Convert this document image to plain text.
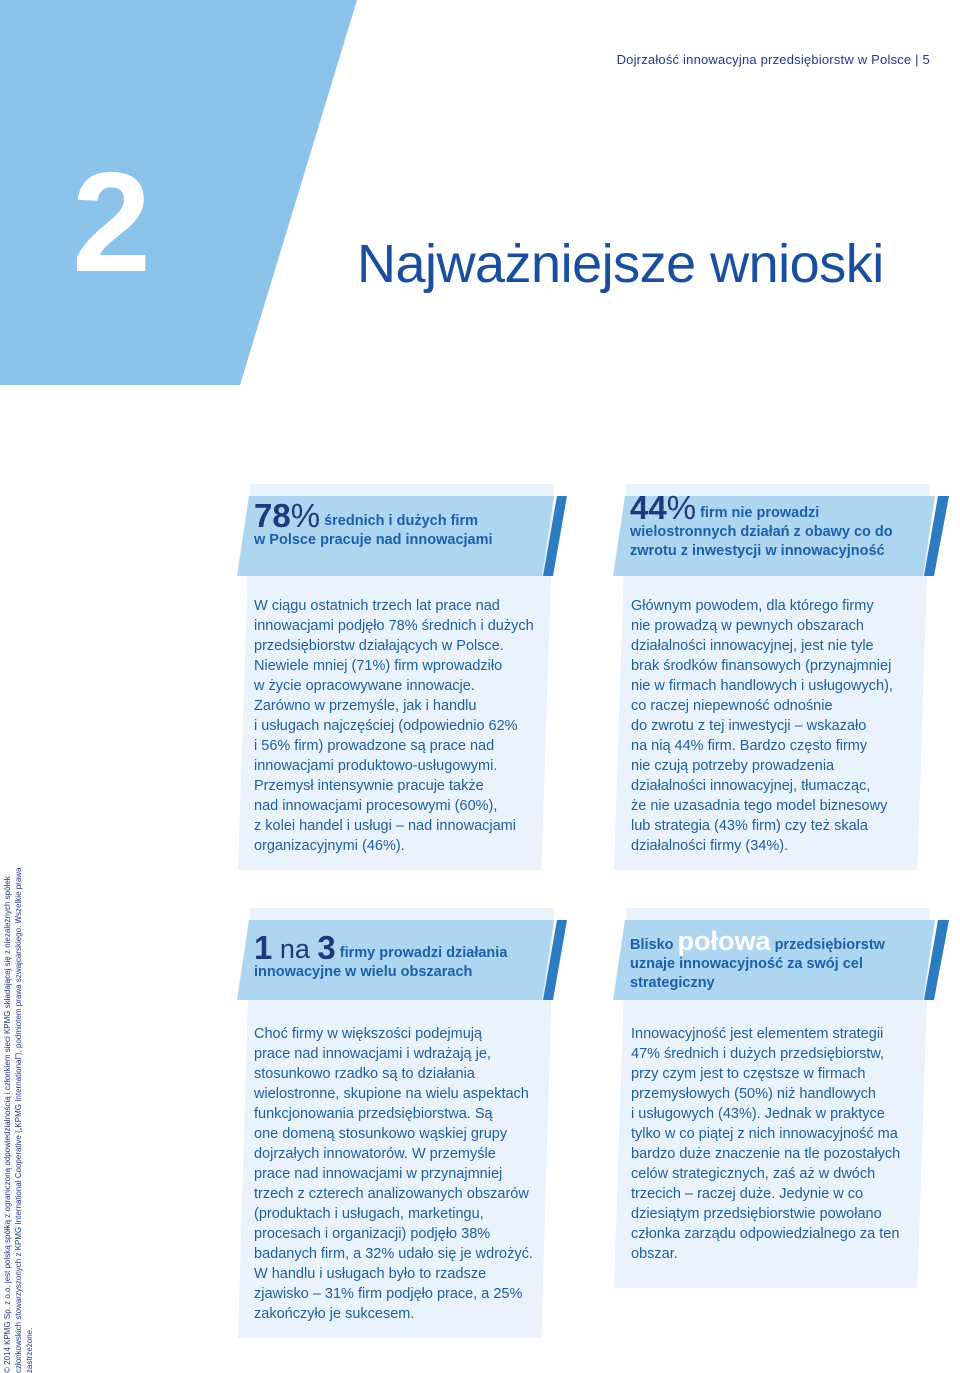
Dojrzałość innowacyjna przedsiębiorstw w Polsce | 5
2	Najważniejsze wnioski
© 2014 KPMG Sp. z o.o. jest polską spółką z ograniczoną odpowiedzialnością i członkiem sieci KPMG składającej się z niezależnych spółek członkowskich stowarzyszonych z KPMG International Cooperative („KPMG International”), podmiotem prawa szwajcarskiego. Wszelkie prawa zastrzeżone.
78% średnich i dużych firm
w Polsce pracuje nad innowacjami
W ciągu ostatnich trzech lat prace nad
innowacjami podjęło 78% średnich i dużych
przedsiębiorstw działających w Polsce.
Niewiele mniej (71%) firm wprowadziło
w życie opracowywane innowacje.
Zarówno w przemyśle, jak i handlu
i usługach najczęściej (odpowiednio 62%
i 56% firm) prowadzone są prace nad
innowacjami produktowo-usługowymi.
Przemysł intensywnie pracuje także
nad innowacjami procesowymi (60%),
z kolei handel i usługi – nad innowacjami
organizacyjnymi (46%).
44% firm nie prowadzi
wielostronnych działań z obawy co do
zwrotu z inwestycji w innowacyjność
Głównym powodem, dla którego firmy
nie prowadzą w pewnych obszarach
działalności innowacyjnej, jest nie tyle
brak środków finansowych (przynajmniej
nie w firmach handlowych i usługowych),
co raczej niepewność odnośnie
do zwrotu z tej inwestycji – wskazało
na nią 44% firm. Bardzo często firmy
nie czują potrzeby prowadzenia
działalności innowacyjnej, tłumacząc,
że nie uzasadnia tego model biznesowy
lub strategia (43% firm) czy też skala
działalności firmy (34%).
1 na 3 firmy prowadzi działania
innowacyjne w wielu obszarach
Choć firmy w większości podejmują
prace nad innowacjami i wdrażają je,
stosunkowo rzadko są to działania
wielostronne, skupione na wielu aspektach
funkcjonowania przedsiębiorstwa. Są
one domeną stosunkowo wąskiej grupy
dojrzałych innowatorów. W przemyśle
prace nad innowacjami w przynajmniej
trzech z czterech analizowanych obszarów
(produktach i usługach, marketingu,
procesach i organizacji) podjęło 38%
badanych firm, a 32% udało się je wdrożyć.
W handlu i usługach było to rzadsze
zjawisko – 31% firm podjęło prace, a 25%
zakończyło je sukcesem.
Blisko połowa przedsiębiorstw
uznaje innowacyjność za swój cel
strategiczny
Innowacyjność jest elementem strategii
47% średnich i dużych przedsiębiorstw,
przy czym jest to częstsze w firmach
przemysłowych (50%) niż handlowych
i usługowych (43%). Jednak w praktyce
tylko w co piątej z nich innowacyjność ma
bardzo duże znaczenie na tle pozostałych
celów strategicznych, zaś aż w dwóch
trzecich – raczej duże. Jedynie w co
dziesiątym przedsiębiorstwie powołano
członka zarządu odpowiedzialnego za ten
obszar.
